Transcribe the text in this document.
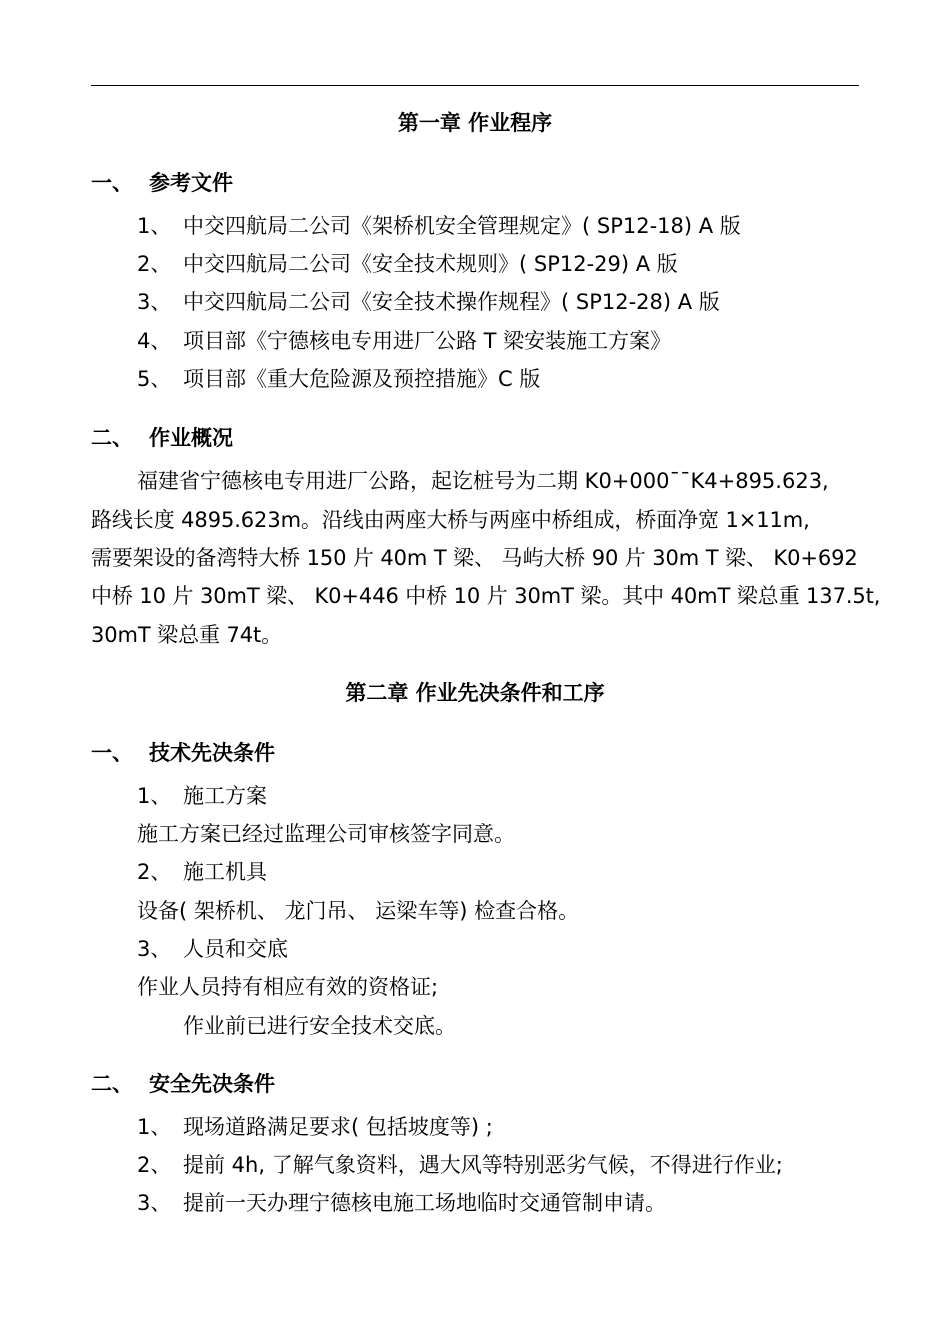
第一章 作业程序
一、 参考文件
1、 中交四航局二公司《架桥机安全管理规定》( SP12-18) A 版
2、 中交四航局二公司《安全技术规则》( SP12-29) A 版
3、 中交四航局二公司《安全技术操作规程》( SP12-28) A 版
4、 项目部《宁德核电专用进厂公路 T 梁安装施工方案》
5、 项目部《重大危险源及预控措施》C 版
二、 作业概况
福建省宁德核电专用进厂公路，起讫桩号为二期 K0+000¯¯K4+895.623,
路线长度 4895.623m。沿线由两座大桥与两座中桥组成，桥面净宽 1×11m,
需要架设的备湾特大桥 150 片 40m T 梁、 马屿大桥 90 片 30m T 梁、 K0+692
中桥 10 片 30mT 梁、 K0+446 中桥 10 片 30mT 梁。其中 40mT 梁总重 137.5t,
30mT 梁总重 74t。
第二章 作业先决条件和工序
一、 技术先决条件
1、 施工方案
施工方案已经过监理公司审核签字同意。
2、 施工机具
设备( 架桥机、 龙门吊、 运梁车等) 检查合格。
3、 人员和交底
作业人员持有相应有效的资格证;
作业前已进行安全技术交底。
二、 安全先决条件
1、 现场道路满足要求( 包括坡度等) ;
2、 提前 4h, 了解气象资料，遇大风等特别恶劣气候，不得进行作业;
3、 提前一天办理宁德核电施工场地临时交通管制申请。
